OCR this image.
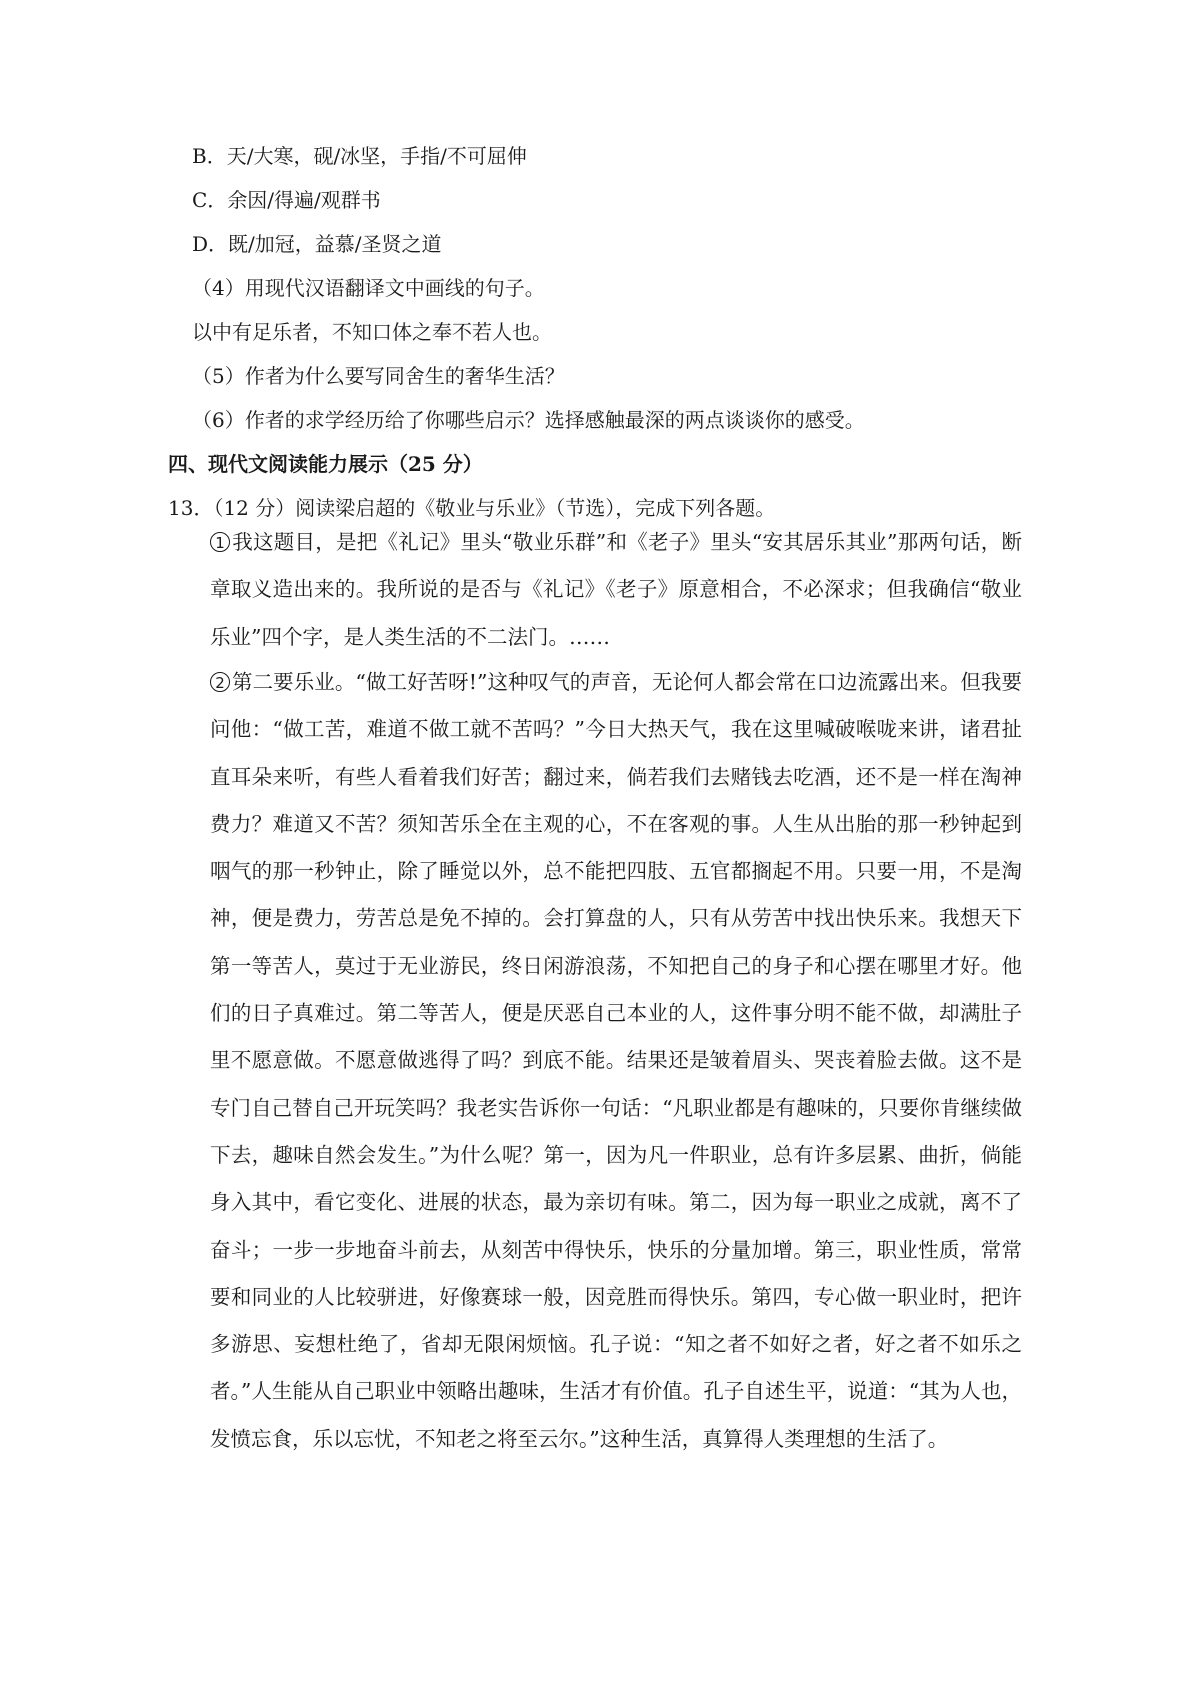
B．天/大寒，砚/冰坚，手指/不可屈伸
C．余因/得遍/观群书
D．既/加冠，益慕/圣贤之道
（4）用现代汉语翻译文中画线的句子。
以中有足乐者，不知口体之奉不若人也。
（5）作者为什么要写同舍生的奢华生活？
（6）作者的求学经历给了你哪些启示？选择感触最深的两点谈谈你的感受。
四、现代文阅读能力展示（25 分）
13．（12 分）阅读梁启超的《敬业与乐业》（节选），完成下列各题。
1 我这题目，是把《礼记》里头“敬业乐群”和《老子》里头“安其居乐其业”那两句话，断章取义造出来的。我所说的是否与《礼记》《老子》原意相合，不必深求；但我确信“敬业乐业”四个字，是人类生活的不二法门。……
2 第二要乐业。“做工好苦呀!”这种叹气的声音，无论何人都会常在口边流露出来。但我要问他：“做工苦，难道不做工就不苦吗？”今日大热天气，我在这里喊破喉咙来讲，诸君扯直耳朵来听，有些人看着我们好苦；翻过来，倘若我们去赌钱去吃酒，还不是一样在淘神费力？难道又不苦？须知苦乐全在主观的心，不在客观的事。人生从出胎的那一秒钟起到咽气的那一秒钟止，除了睡觉以外，总不能把四肢、五官都搁起不用。只要一用，不是淘神，便是费力，劳苦总是免不掉的。会打算盘的人，只有从劳苦中找出快乐来。我想天下第一等苦人，莫过于无业游民，终日闲游浪荡，不知把自己的身子和心摆在哪里才好。他们的日子真难过。第二等苦人，便是厌恶自己本业的人，这件事分明不能不做，却满肚子里不愿意做。不愿意做逃得了吗？到底不能。结果还是皱着眉头、哭丧着脸去做。这不是专门自己替自己开玩笑吗？我老实告诉你一句话：“凡职业都是有趣味的，只要你肯继续做下去，趣味自然会发生。”为什么呢？第一，因为凡一件职业，总有许多层累、曲折，倘能身入其中，看它变化、进展的状态，最为亲切有味。第二，因为每一职业之成就，离不了奋斗；一步一步地奋斗前去，从刻苦中得快乐，快乐的分量加增。第三，职业性质，常常要和同业的人比较骈进，好像赛球一般，因竞胜而得快乐。第四，专心做一职业时，把许多游思、妄想杜绝了，省却无限闲烦恼。孔子说：“知之者不如好之者，好之者不如乐之者。”人生能从自己职业中领略出趣味，生活才有价值。孔子自述生平，说道：“其为人也，发愤忘食，乐以忘忧，不知老之将至云尔。”这种生活，真算得人类理想的生活了。
